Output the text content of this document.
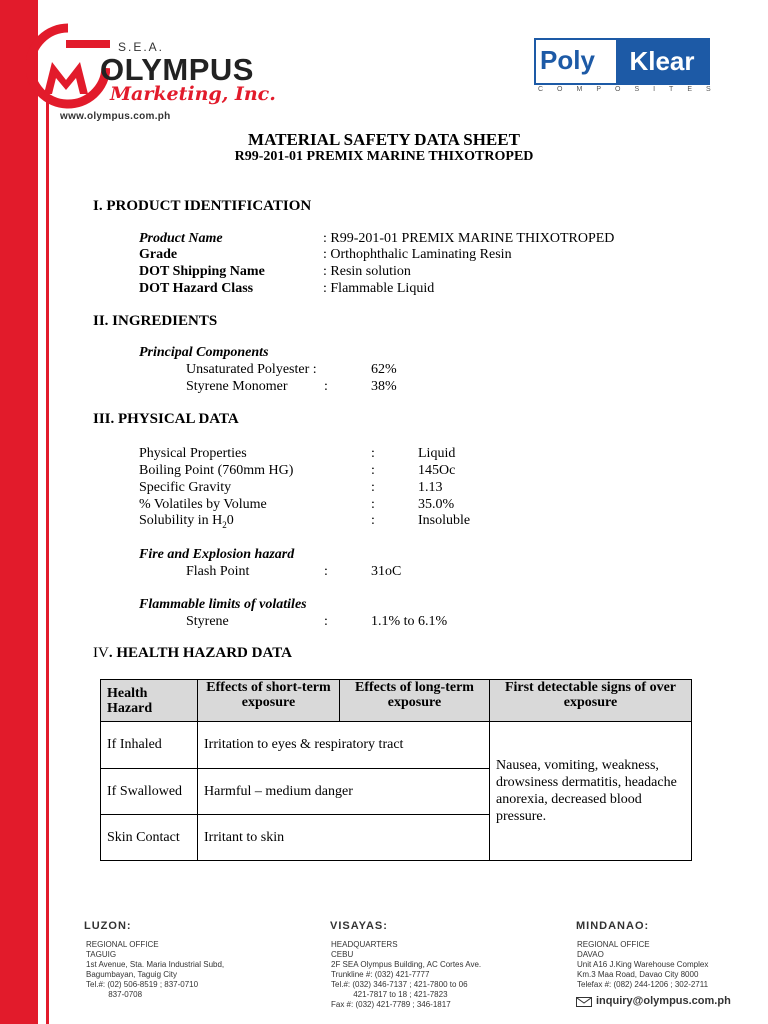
S.E.A.
OLYMPUS
Marketing, Inc.
www.olympus.com.ph
Poly	Klear
COMPOSITES
MATERIAL SAFETY DATA SHEET
R99-201-01 PREMIX MARINE THIXOTROPED
I. PRODUCT IDENTIFICATION
Product Name	: R99-201-01 PREMIX MARINE THIXOTROPED
Grade	: Orthophthalic Laminating Resin
DOT Shipping Name	: Resin solution
DOT Hazard Class	: Flammable Liquid
II. INGREDIENTS
Principal Components
Unsaturated Polyester :	62%
Styrene Monomer	:	38%
III. PHYSICAL DATA
Physical Properties	:	Liquid
Boiling Point (760mm HG)	:	145Oc
Specific Gravity	:	1.13
% Volatiles by Volume	:	35.0%
Solubility in $H_20$	:	Insoluble
Fire and Explosion hazard
Flash Point	:	31oC
Flammable limits of volatiles
Styrene	:	1.1% to 6.1%
IV. HEALTH HAZARD DATA
Health Hazard	Effects of short-term exposure	Effects of long-term exposure	First detectable signs of over exposure
If Inhaled	Irritation to eyes & respiratory tract		Nausea, vomiting, weakness, drowsiness dermatitis, headache anorexia, decreased blood pressure.
If Swallowed	Harmful – medium danger		
Skin Contact	Irritant to skin		
LUZON:
REGIONAL OFFICE
TAGUIG
1st Avenue, Sta. Maria Industrial Subd,
Bagumbayan, Taguig City
Tel.#: (02) 506-8519 ; 837-0710
837-0708
VISAYAS:
HEADQUARTERS
CEBU
2F SEA Olympus Building, AC Cortes Ave.
Trunkline #: (032) 421-7777
Tel.#: (032) 346-7137 ; 421-7800 to 06
421-7817 to 18 ; 421-7823
Fax #: (032) 421-7789 ; 346-1817
MINDANAO:
REGIONAL OFFICE
DAVAO
Unit A16 J.King Warehouse Complex
Km.3 Maa Road, Davao City 8000
Telefax #: (082) 244-1206 ; 302-2711
inquiry@olympus.com.ph
